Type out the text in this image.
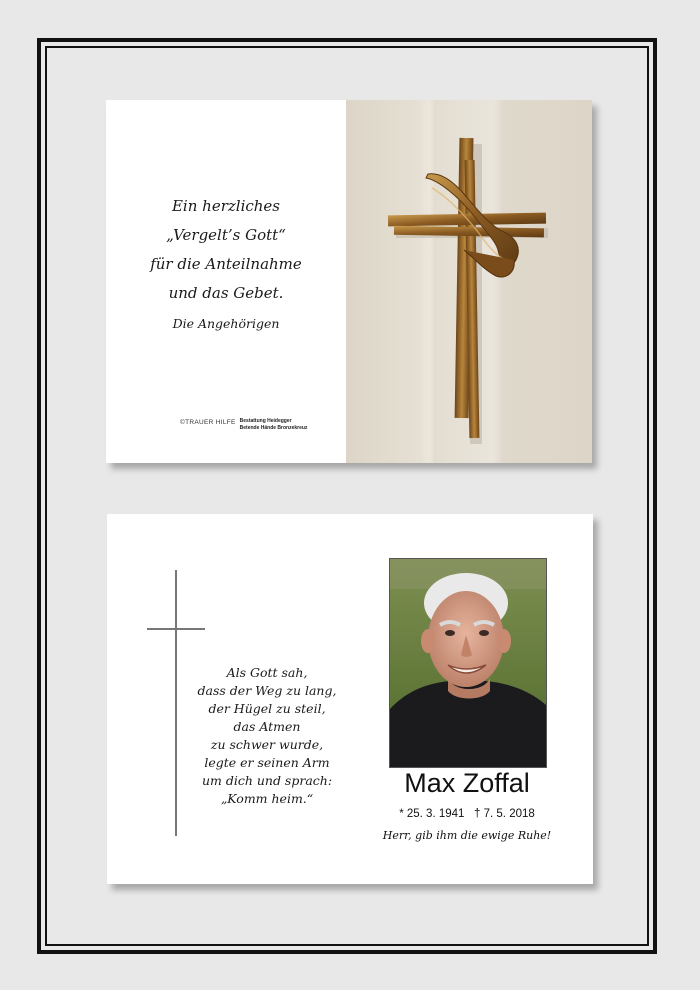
Ein herzliches
„Vergelt’s Gott“
für die Anteilnahme
und das Gebet.
Die Angehörigen
©TRAUER HILFE Bestattung Heidegger
Betende Hände Bronzekreuz
Als Gott sah,
dass der Weg zu lang,
der Hügel zu steil,
das Atmen
zu schwer wurde,
legte er seinen Arm
um dich und sprach:
„Komm heim.“
Max Zoffal
* 25. 3. 1941 † 7. 5. 2018
Herr, gib ihm die ewige Ruhe!
